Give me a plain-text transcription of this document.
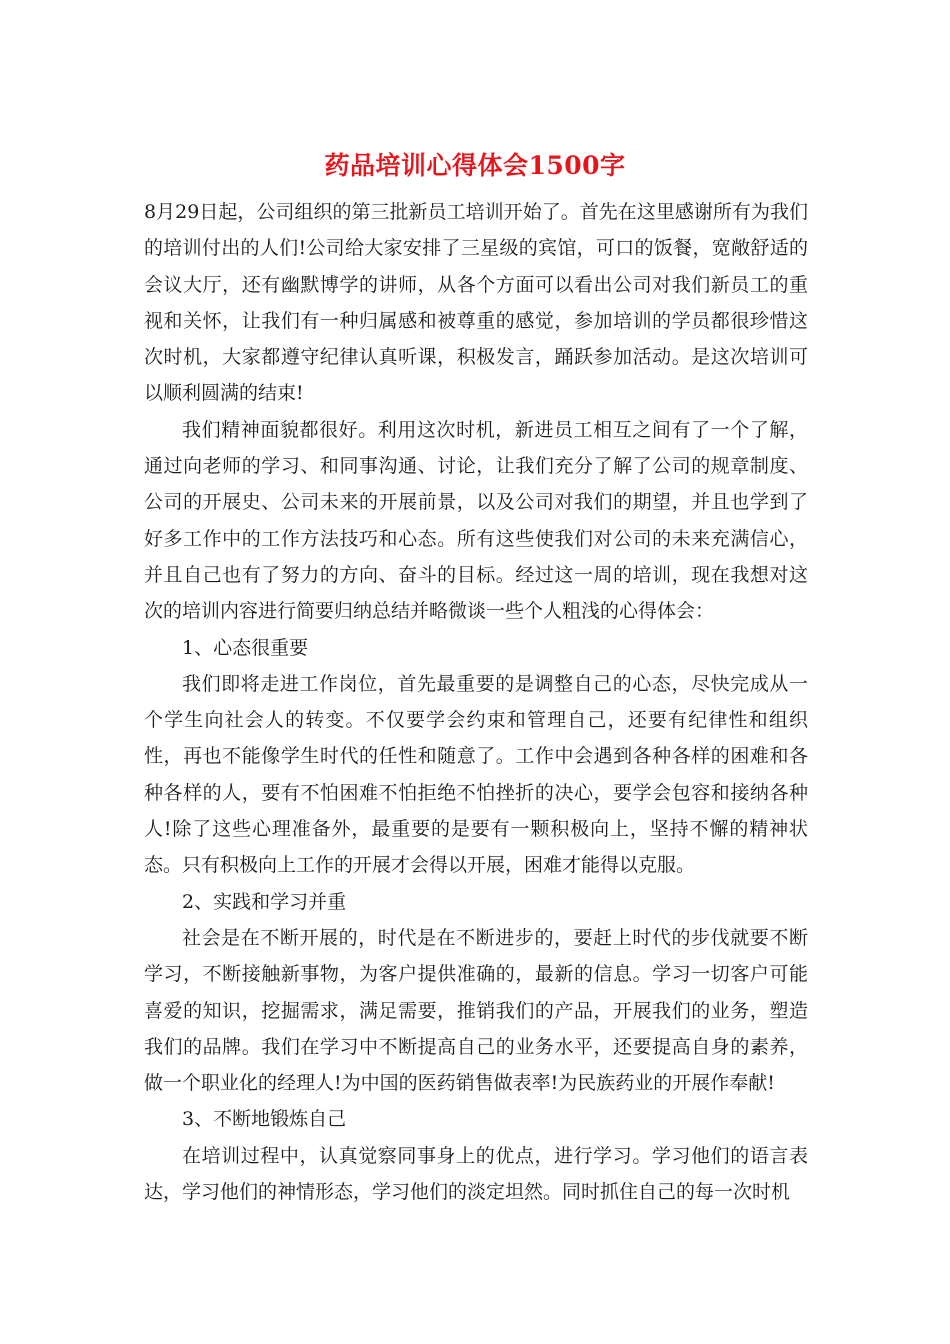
药品培训心得体会1500字

8月29日起，公司组织的第三批新员工培训开始了。首先在这里感谢所有为我们的培训付出的人们!公司给大家安排了三星级的宾馆，可口的饭餐，宽敞舒适的会议大厅，还有幽默博学的讲师，从各个方面可以看出公司对我们新员工的重视和关怀，让我们有一种归属感和被尊重的感觉，参加培训的学员都很珍惜这次时机，大家都遵守纪律认真听课，积极发言，踊跃参加活动。是这次培训可以顺利圆满的结束!

我们精神面貌都很好。利用这次时机，新进员工相互之间有了一个了解，通过向老师的学习、和同事沟通、讨论，让我们充分了解了公司的规章制度、公司的开展史、公司未来的开展前景，以及公司对我们的期望，并且也学到了好多工作中的工作方法技巧和心态。所有这些使我们对公司的未来充满信心，并且自己也有了努力的方向、奋斗的目标。经过这一周的培训，现在我想对这次的培训内容进行简要归纳总结并略微谈一些个人粗浅的心得体会：

1、心态很重要

我们即将走进工作岗位，首先最重要的是调整自己的心态，尽快完成从一个学生向社会人的转变。不仅要学会约束和管理自己，还要有纪律性和组织性，再也不能像学生时代的任性和随意了。工作中会遇到各种各样的困难和各种各样的人，要有不怕困难不怕拒绝不怕挫折的决心，要学会包容和接纳各种人!除了这些心理准备外，最重要的是要有一颗积极向上，坚持不懈的精神状态。只有积极向上工作的开展才会得以开展，困难才能得以克服。

2、实践和学习并重

社会是在不断开展的，时代是在不断进步的，要赶上时代的步伐就要不断学习，不断接触新事物，为客户提供准确的，最新的信息。学习一切客户可能喜爱的知识，挖掘需求，满足需要，推销我们的产品，开展我们的业务，塑造我们的品牌。我们在学习中不断提高自己的业务水平，还要提高自身的素养，做一个职业化的经理人!为中国的医药销售做表率!为民族药业的开展作奉献!

3、不断地锻炼自己

在培训过程中，认真觉察同事身上的优点，进行学习。学习他们的语言表达，学习他们的神情形态，学习他们的淡定坦然。同时抓住自己的每一次时机
